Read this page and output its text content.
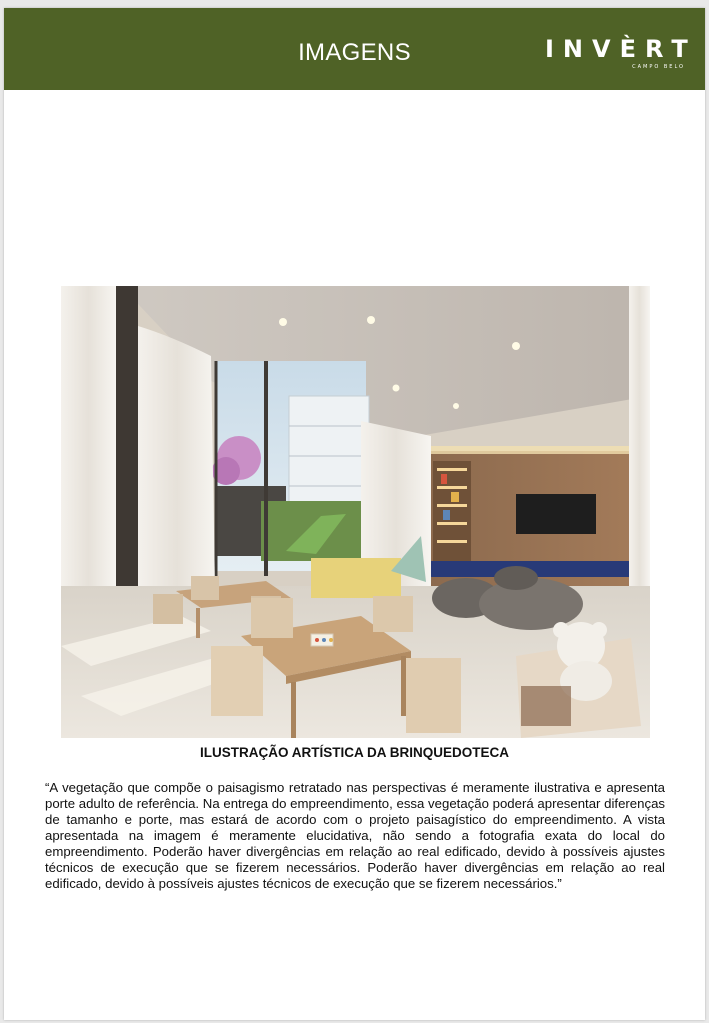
IMAGENS	INVÈRT
CAMPO BELO
ILUSTRAÇÃO ARTÍSTICA DA BRINQUEDOTECA
“A vegetação que compõe o paisagismo retratado nas perspectivas é meramente ilustrativa e apresenta porte adulto de referência. Na entrega do empreendimento, essa vegetação poderá apresentar diferenças de tamanho e porte, mas estará de acordo com o projeto paisagístico do empreendimento. A vista apresentada na imagem é meramente elucidativa, não sendo a fotografia exata do local do empreendimento. Poderão haver divergências em relação ao real edificado, devido à possíveis ajustes técnicos de execução que se fizerem necessários. Poderão haver divergências em relação ao real edificado, devido à possíveis ajustes técnicos de execução que se fizerem necessários.”
